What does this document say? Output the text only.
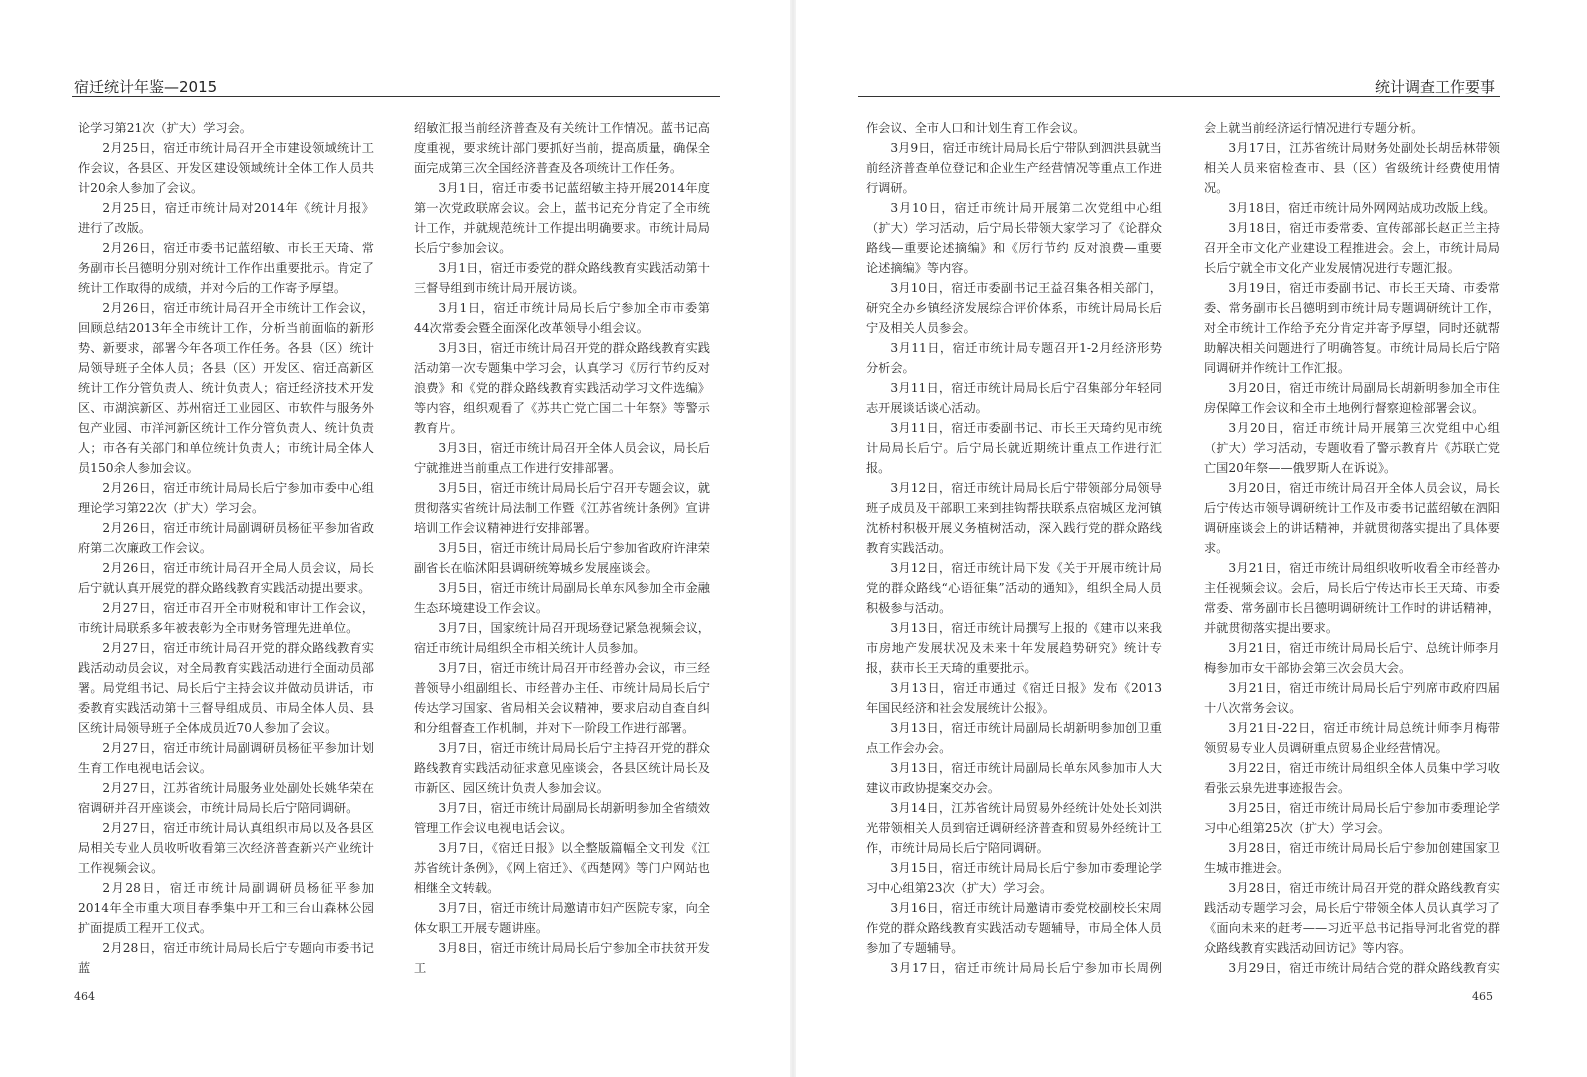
宿迁统计年鉴—2015

论学习第21次（扩大）学习会。

2月25日，宿迁市统计局召开全市建设领域统计工作会议，各县区、开发区建设领域统计全体工作人员共计20余人参加了会议。

2月25日，宿迁市统计局对2014年《统计月报》进行了改版。

2月26日，宿迁市委书记蓝绍敏、市长王天琦、常务副市长吕德明分别对统计工作作出重要批示。肯定了统计工作取得的成绩，并对今后的工作寄予厚望。

2月26日，宿迁市统计局召开全市统计工作会议，回顾总结2013年全市统计工作，分析当前面临的新形势、新要求，部署今年各项工作任务。各县（区）统计局领导班子全体人员；各县（区）开发区、宿迁高新区统计工作分管负责人、统计负责人；宿迁经济技术开发区、市湖滨新区、苏州宿迁工业园区、市软件与服务外包产业园、市洋河新区统计工作分管负责人、统计负责人；市各有关部门和单位统计负责人；市统计局全体人员150余人参加会议。

2月26日，宿迁市统计局局长后宁参加市委中心组理论学习第22次（扩大）学习会。

2月26日，宿迁市统计局副调研员杨征平参加省政府第二次廉政工作会议。

2月26日，宿迁市统计局召开全局人员会议，局长后宁就认真开展党的群众路线教育实践活动提出要求。

2月27日，宿迁市召开全市财税和审计工作会议，市统计局联系多年被表彰为全市财务管理先进单位。

2月27日，宿迁市统计局召开党的群众路线教育实践活动动员会议，对全局教育实践活动进行全面动员部署。局党组书记、局长后宁主持会议并做动员讲话，市委教育实践活动第十三督导组成员、市局全体人员、县区统计局领导班子全体成员近70人参加了会议。

2月27日，宿迁市统计局副调研员杨征平参加计划生育工作电视电话会议。

2月27日，江苏省统计局服务业处副处长姚华荣在宿调研并召开座谈会，市统计局局长后宁陪同调研。

2月27日，宿迁市统计局认真组织市局以及各县区局相关专业人员收听收看第三次经济普查新兴产业统计工作视频会议。

2月28日，宿迁市统计局副调研员杨征平参加2014年全市重大项目春季集中开工和三台山森林公园扩面提质工程开工仪式。

2月28日，宿迁市统计局局长后宁专题向市委书记蓝

绍敏汇报当前经济普查及有关统计工作情况。蓝书记高度重视，要求统计部门要抓好当前，提高质量，确保全面完成第三次全国经济普查及各项统计工作任务。

3月1日，宿迁市委书记蓝绍敏主持开展2014年度第一次党政联席会议。会上，蓝书记充分肯定了全市统计工作，并就规范统计工作提出明确要求。市统计局局长后宁参加会议。

3月1日，宿迁市委党的群众路线教育实践活动第十三督导组到市统计局开展访谈。

3月1日，宿迁市统计局局长后宁参加全市市委第44次常委会暨全面深化改革领导小组会议。

3月3日，宿迁市统计局召开党的群众路线教育实践活动第一次专题集中学习会，认真学习《厉行节约反对浪费》和《党的群众路线教育实践活动学习文件选编》等内容，组织观看了《苏共亡党亡国二十年祭》等警示教育片。

3月3日，宿迁市统计局召开全体人员会议，局长后宁就推进当前重点工作进行安排部署。

3月5日，宿迁市统计局局长后宁召开专题会议，就贯彻落实省统计局法制工作暨《江苏省统计条例》宣讲培训工作会议精神进行安排部署。

3月5日，宿迁市统计局局长后宁参加省政府许津荣副省长在临沭阳县调研统筹城乡发展座谈会。

3月5日，宿迁市统计局副局长单东风参加全市金融生态环境建设工作会议。

3月7日，国家统计局召开现场登记紧急视频会议，宿迁市统计局组织全市相关统计人员参加。

3月7日，宿迁市统计局召开市经普办会议，市三经普领导小组副组长、市经普办主任、市统计局局长后宁传达学习国家、省局相关会议精神，要求启动自查自纠和分组督查工作机制，并对下一阶段工作进行部署。

3月7日，宿迁市统计局局长后宁主持召开党的群众路线教育实践活动征求意见座谈会，各县区统计局长及市新区、园区统计负责人参加会议。

3月7日，宿迁市统计局副局长胡新明参加全省绩效管理工作会议电视电话会议。

3月7日，《宿迁日报》以全整版篇幅全文刊发《江苏省统计条例》，《网上宿迁》、《西楚网》等门户网站也相继全文转载。

3月7日，宿迁市统计局邀请市妇产医院专家，向全体女职工开展专题讲座。

3月8日，宿迁市统计局局长后宁参加全市扶贫开发工

464
统计调查工作要事

作会议、全市人口和计划生育工作会议。

3月9日，宿迁市统计局局长后宁带队到泗洪县就当前经济普查单位登记和企业生产经营情况等重点工作进行调研。

3月10日，宿迁市统计局开展第二次党组中心组（扩大）学习活动，后宁局长带领大家学习了《论群众路线—重要论述摘编》和《厉行节约 反对浪费—重要论述摘编》等内容。

3月10日，宿迁市委副书记王益召集各相关部门，研究全办乡镇经济发展综合评价体系，市统计局局长后宁及相关人员参会。

3月11日，宿迁市统计局专题召开1-2月经济形势分析会。

3月11日，宿迁市统计局局长后宁召集部分年轻同志开展谈话谈心活动。

3月11日，宿迁市委副书记、市长王天琦约见市统计局局长后宁。后宁局长就近期统计重点工作进行汇报。

3月12日，宿迁市统计局局长后宁带领部分局领导班子成员及干部职工来到挂钩帮扶联系点宿城区龙河镇沈桥村积极开展义务植树活动，深入践行党的群众路线教育实践活动。

3月12日，宿迁市统计局下发《关于开展市统计局党的群众路线“心语征集”活动的通知》，组织全局人员积极参与活动。

3月13日，宿迁市统计局撰写上报的《建市以来我市房地产发展状况及未来十年发展趋势研究》统计专报，获市长王天琦的重要批示。

3月13日，宿迁市通过《宿迁日报》发布《2013年国民经济和社会发展统计公报》。

3月13日，宿迁市统计局副局长胡新明参加创卫重点工作会办会。

3月13日，宿迁市统计局副局长单东风参加市人大建议市政协提案交办会。

3月14日，江苏省统计局贸易外经统计处处长刘洪光带领相关人员到宿迁调研经济普查和贸易外经统计工作，市统计局局长后宁陪同调研。

3月15日，宿迁市统计局局长后宁参加市委理论学习中心组第23次（扩大）学习会。

3月16日，宿迁市统计局邀请市委党校副校长宋周作党的群众路线教育实践活动专题辅导，市局全体人员参加了专题辅导。

3月17日，宿迁市统计局局长后宁参加市长周例

会上就当前经济运行情况进行专题分析。

3月17日，江苏省统计局财务处副处长胡岳林带领相关人员来宿检查市、县（区）省级统计经费使用情况。

3月18日，宿迁市统计局外网网站成功改版上线。

3月18日，宿迁市委常委、宣传部部长赵正兰主持召开全市文化产业建设工程推进会。会上，市统计局局长后宁就全市文化产业发展情况进行专题汇报。

3月19日，宿迁市委副书记、市长王天琦、市委常委、常务副市长吕德明到市统计局专题调研统计工作，对全市统计工作给予充分肯定并寄予厚望，同时还就帮助解决相关问题进行了明确答复。市统计局局长后宁陪同调研并作统计工作汇报。

3月20日，宿迁市统计局副局长胡新明参加全市住房保障工作会议和全市土地例行督察迎检部署会议。

3月20日，宿迁市统计局开展第三次党组中心组（扩大）学习活动，专题收看了警示教育片《苏联亡党亡国20年祭——俄罗斯人在诉说》。

3月20日，宿迁市统计局召开全体人员会议，局长后宁传达市领导调研统计工作及市委书记蓝绍敏在泗阳调研座谈会上的讲话精神，并就贯彻落实提出了具体要求。

3月21日，宿迁市统计局组织收听收看全市经普办主任视频会议。会后，局长后宁传达市长王天琦、市委常委、常务副市长吕德明调研统计工作时的讲话精神，并就贯彻落实提出要求。

3月21日，宿迁市统计局局长后宁、总统计师李月梅参加市女干部协会第三次会员大会。

3月21日，宿迁市统计局局长后宁列席市政府四届十八次常务会议。

3月21日-22日，宿迁市统计局总统计师李月梅带领贸易专业人员调研重点贸易企业经营情况。

3月22日，宿迁市统计局组织全体人员集中学习收看张云泉先进事迹报告会。

3月25日，宿迁市统计局局长后宁参加市委理论学习中心组第25次（扩大）学习会。

3月28日，宿迁市统计局局长后宁参加创建国家卫生城市推进会。

3月28日，宿迁市统计局召开党的群众路线教育实践活动专题学习会，局长后宁带领全体人员认真学习了《面向未来的赶考——习近平总书记指导河北省党的群众路线教育实践活动回访记》等内容。

3月29日，宿迁市统计局结合党的群众路线教育实

465
